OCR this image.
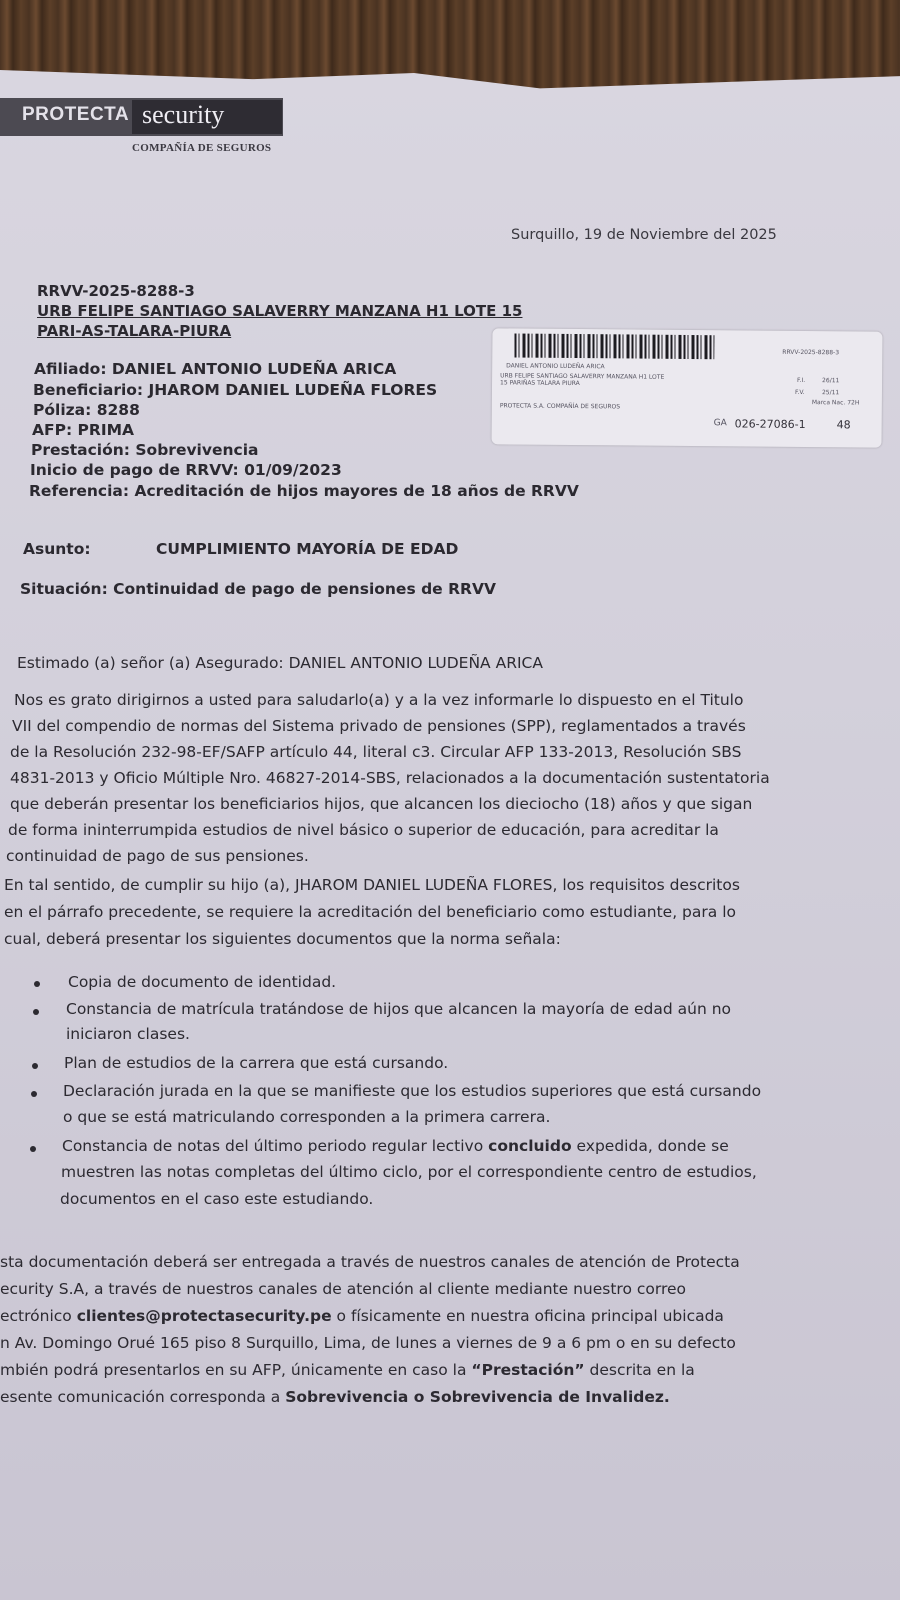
PROTECTA security
COMPAÑÍA DE SEGUROS
Surquillo, 19 de Noviembre del 2025
RRVV-2025-8288-3
URB FELIPE SANTIAGO SALAVERRY MANZANA H1 LOTE 15
PARI-AS-TALARA-PIURA
Afiliado: DANIEL ANTONIO LUDEÑA ARICA
Beneficiario: JHAROM DANIEL LUDEÑA FLORES
Póliza: 8288
AFP: PRIMA
Prestación: Sobrevivencia
Inicio de pago de RRVV: 01/09/2023
Referencia: Acreditación de hijos mayores de 18 años de RRVV
RRVV-2025-8288-3
DANIEL ANTONIO LUDEÑA ARICA
URB FELIPE SANTIAGO SALAVERRY MANZANA H1 LOTE
15 PARIÑAS TALARA PIURA
PROTECTA S.A. COMPAÑÍA DE SEGUROS
F.I.	26/11
F.V.	25/11
Marca Nac. 72H
GA 026-27086-1	48
Asunto:	CUMPLIMIENTO MAYORÍA DE EDAD
Situación: Continuidad de pago de pensiones de RRVV
Estimado (a) señor (a) Asegurado: DANIEL ANTONIO LUDEÑA ARICA
Nos es grato dirigirnos a usted para saludarlo(a) y a la vez informarle lo dispuesto en el Titulo
VII del compendio de normas del Sistema privado de pensiones (SPP), reglamentados a través
de la Resolución 232-98-EF/SAFP artículo 44, literal c3. Circular AFP 133-2013, Resolución SBS
4831-2013 y Oficio Múltiple Nro. 46827-2014-SBS, relacionados a la documentación sustentatoria
que deberán presentar los beneficiarios hijos, que alcancen los dieciocho (18) años y que sigan
de forma ininterrumpida estudios de nivel básico o superior de educación, para acreditar la
continuidad de pago de sus pensiones.
En tal sentido, de cumplir su hijo (a), JHAROM DANIEL LUDEÑA FLORES, los requisitos descritos
en el párrafo precedente, se requiere la acreditación del beneficiario como estudiante, para lo
cual, deberá presentar los siguientes documentos que la norma señala:
Copia de documento de identidad.
Constancia de matrícula tratándose de hijos que alcancen la mayoría de edad aún no
iniciaron clases.
Plan de estudios de la carrera que está cursando.
Declaración jurada en la que se manifieste que los estudios superiores que está cursando
o que se está matriculando corresponden a la primera carrera.
Constancia de notas del último periodo regular lectivo concluido expedida, donde se
muestren las notas completas del último ciclo, por el correspondiente centro de estudios,
documentos en el caso este estudiando.
sta documentación deberá ser entregada a través de nuestros canales de atención de Protecta
ecurity S.A, a través de nuestros canales de atención al cliente mediante nuestro correo
ectrónico clientes@protectasecurity.pe o físicamente en nuestra oficina principal ubicada
n Av. Domingo Orué 165 piso 8 Surquillo, Lima, de lunes a viernes de 9 a 6 pm o en su defecto
mbién podrá presentarlos en su AFP, únicamente en caso la “Prestación” descrita en la
esente comunicación corresponda a Sobrevivencia o Sobrevivencia de Invalidez.
